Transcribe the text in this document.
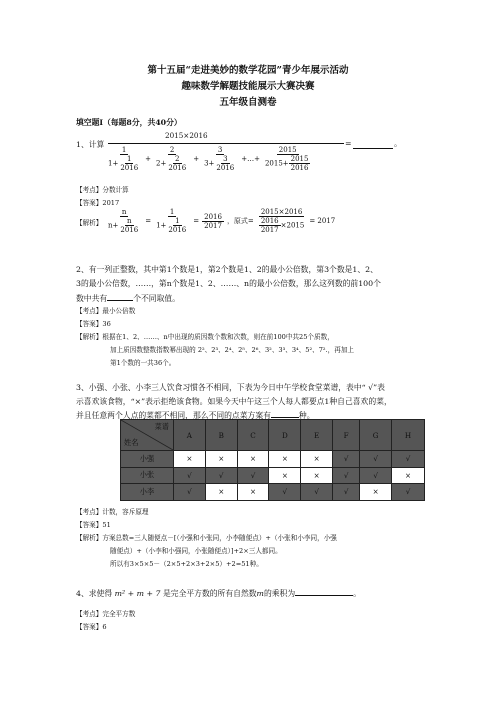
第十五届“走进美妙的数学花园”青少年展示活动
趣味数学解题技能展示大赛决赛
五年级自测卷
填空题Ⅰ（每题8分，共40分）
2015×2016
1、计算
$\frac{1}{1+ \frac{1}{2016}} + \frac{2}{2+ \frac{2}{2016}} + \frac{3}{3+ \frac{3}{2016}}$ +…+ $\frac{2015}{2015+ \frac{2015}{2016}}$
=	。
【考点】分数计算
【答案】2017
【解析】 $\frac{n}{n+ \frac{n}{2016}} = \frac{1}{1+ \frac{1}{2016}} = \frac{2016}{2017}$ ，原式= $\frac{2015\times 2016}{\frac{2016}{2017} \times 2015} = 2017$
2、有一列正整数，其中第1个数是1，第2个数是1、2的最小公倍数，第3个数是1、2、
3的最小公倍数，……，第n个数是1、2、……、n的最小公倍数，那么这列数的前100个
数中共有	个不同取值。
【考点】最小公倍数
【答案】36
【解析】根据在1、2、……、n中出现的质因数个数和次数，则在前100中共25个质数，
加上质因数整数指数幂出现的 2²、2³、2⁴、2⁵、2⁶、3²、3³、3⁴、5²、7².，再加上
第1个数的一共36个。
3、小强、小张、小李三人饮食习惯各不相同，下表为今日中午学校食堂菜谱，表中“ √”表
示喜欢该食物，“×”表示拒绝该食物。如果今天中午这三个人每人都要点1种自己喜欢的菜，
并且任意两个人点的菜都不相同，那么不同的点菜方案有	种。
菜谱
姓名	A	B	C	D	E	F	G	H
小强	×	×	×	×	×	√	√	√
小张	√	√	√	×	×	√	√	×
小李	√	×	×	√	√	√	×	√
【考点】计数，容斥原理
【答案】51
【解析】方案总数=三人随便点－[（小强和小张同，小李随便点）+（小张和小李同，小强
随便点）+（小李和小强同，小张随便点）]+2×三人都同。
所以有3×5×5－（2×5+2×3+2×5）+2=51种。
4、求使得 m² + m + 7 是完全平方数的所有自然数m的乘积为	。
【考点】完全平方数
【答案】6
